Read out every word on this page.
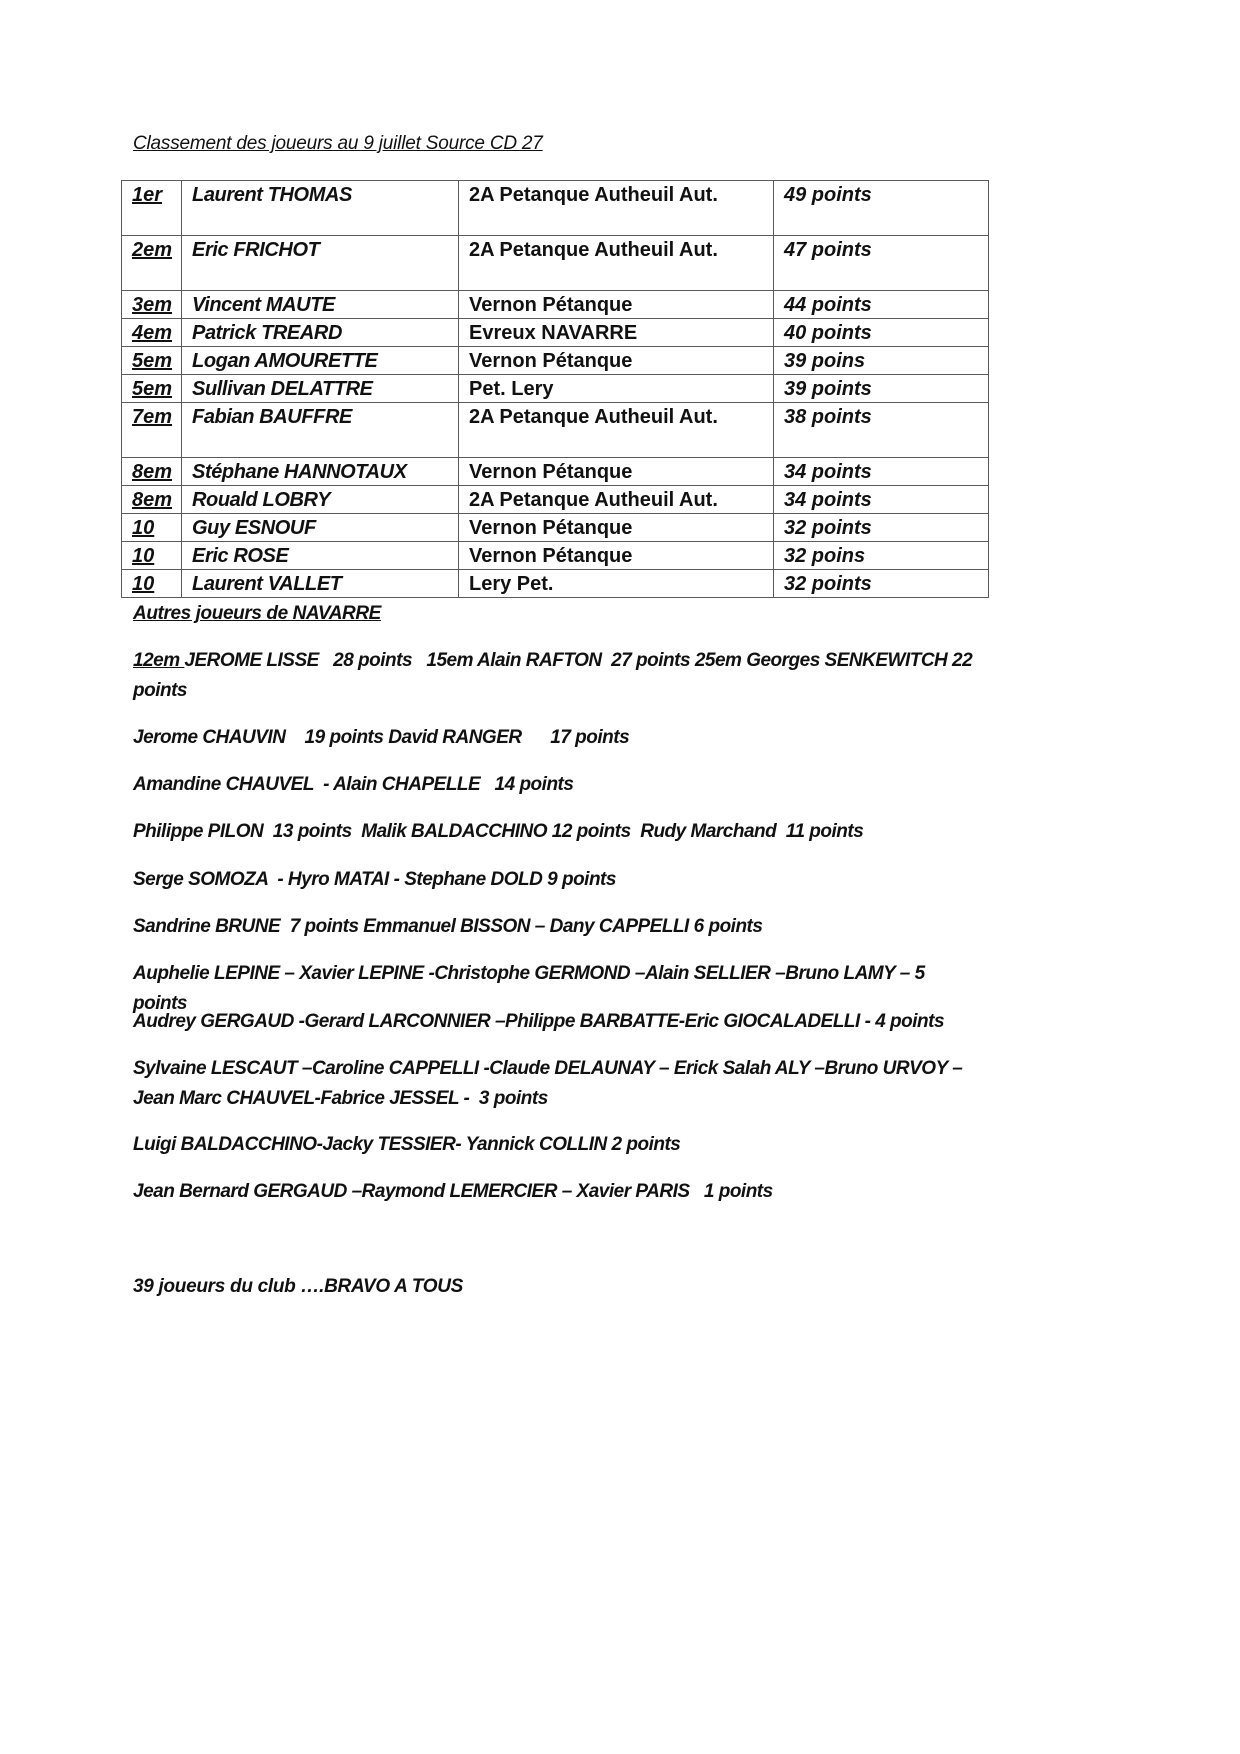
Classement des joueurs au 9 juillet Source CD 27
1er	Laurent THOMAS	2A Petanque Autheuil Aut.	49 points
2em	Eric FRICHOT	2A Petanque Autheuil Aut.	47 points
3em	Vincent MAUTE	Vernon Pétanque	44 points
4em	Patrick TREARD	Evreux NAVARRE	40 points
5em	Logan AMOURETTE	Vernon Pétanque	39 poins
5em	Sullivan DELATTRE	Pet. Lery	39 points
7em	Fabian BAUFFRE	2A Petanque Autheuil Aut.	38 points
8em	Stéphane HANNOTAUX	Vernon Pétanque	34 points
8em	Rouald LOBRY	2A Petanque Autheuil Aut.	34 points
10	Guy ESNOUF	Vernon Pétanque	32 points
10	Eric ROSE	Vernon Pétanque	32 poins
10	Laurent VALLET	Lery Pet.	32 points
Autres joueurs de NAVARRE
12em JEROME LISSE   28 points   15em Alain RAFTON  27 points 25em Georges SENKEWITCH 22 points
Jerome CHAUVIN    19 points David RANGER      17 points
Amandine CHAUVEL  - Alain CHAPELLE   14 points
Philippe PILON  13 points  Malik BALDACCHINO 12 points  Rudy Marchand  11 points
Serge SOMOZA  - Hyro MATAI - Stephane DOLD 9 points
Sandrine BRUNE  7 points Emmanuel BISSON – Dany CAPPELLI 6 points
Auphelie LEPINE – Xavier LEPINE -Christophe GERMOND –Alain SELLIER –Bruno LAMY – 5 points
Audrey GERGAUD -Gerard LARCONNIER –Philippe BARBATTE-Eric GIOCALADELLI - 4 points
Sylvaine LESCAUT –Caroline CAPPELLI -Claude DELAUNAY – Erick Salah ALY –Bruno URVOY –Jean Marc CHAUVEL-Fabrice JESSEL -  3 points
Luigi BALDACCHINO-Jacky TESSIER- Yannick COLLIN 2 points
Jean Bernard GERGAUD –Raymond LEMERCIER – Xavier PARIS   1 points
39 joueurs du club ….BRAVO A TOUS
